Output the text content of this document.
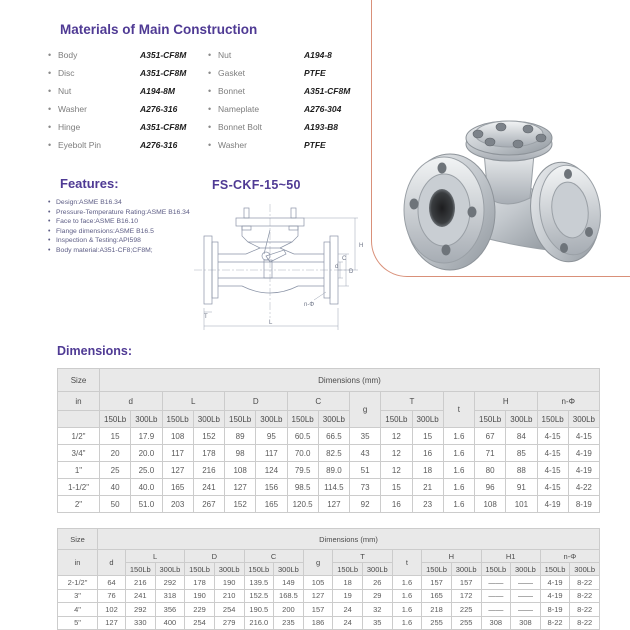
Materials of Main Construction
• Body	A351-CF8M
• Disc	A351-CF8M
• Nut	A194-8M
• Washer	A276-316
• Hinge	A351-CF8M
• Eyebolt Pin	A276-316
• Nut	A194-8
• Gasket	PTFE
• Bonnet	A351-CF8M
• Nameplate	A276-304
• Bonnet Bolt	A193-B8
• Washer	PTFE
Features:	FS-CKF-15~50
• Design:ASME B16.34
• Pressure-Temperature Rating:ASME B16.34
• Face to face:ASME B16.10
• Flange dimensions:ASME B16.5
• Inspection & Testing:API598
• Body material:A351-CF8;CF8M;
H
D
C
d
n-Φ
T
L
Dimensions:
Size	Dimensions (mm)															
in	d		L		D		C		g	T		t	H		n-Φ	
	150Lb	300Lb	150Lb	300Lb	150Lb	300Lb	150Lb	300Lb		150Lb	300Lb		150Lb	300Lb	150Lb	300Lb
1/2"	15	17.9	108	152	89	95	60.5	66.5	35	12	15	1.6	67	84	4-15	4-15
3/4"	20	20.0	117	178	98	117	70.0	82.5	43	12	16	1.6	71	85	4-15	4-19
1"	25	25.0	127	216	108	124	79.5	89.0	51	12	18	1.6	80	88	4-15	4-19
1-1/2"	40	40.0	165	241	127	156	98.5	114.5	73	15	21	1.6	96	91	4-15	4-22
2"	50	51.0	203	267	152	165	120.5	127	92	16	23	1.6	108	101	4-19	8-19
Size	Dimensions (mm)																
in	d	L		D		C		g	T		t	H		H1		n-Φ	
		150Lb	300Lb	150Lb	300Lb	150Lb	300Lb		150Lb	300Lb		150Lb	300Lb	150Lb	300Lb	150Lb	300Lb
2-1/2"	64	216	292	178	190	139.5	149	105	18	26	1.6	157	157	——	——	4-19	8-22
3"	76	241	318	190	210	152.5	168.5	127	19	29	1.6	165	172	——	——	4-19	8-22
4"	102	292	356	229	254	190.5	200	157	24	32	1.6	218	225	——	——	8-19	8-22
5"	127	330	400	254	279	216.0	235	186	24	35	1.6	255	255	308	308	8-22	8-22
